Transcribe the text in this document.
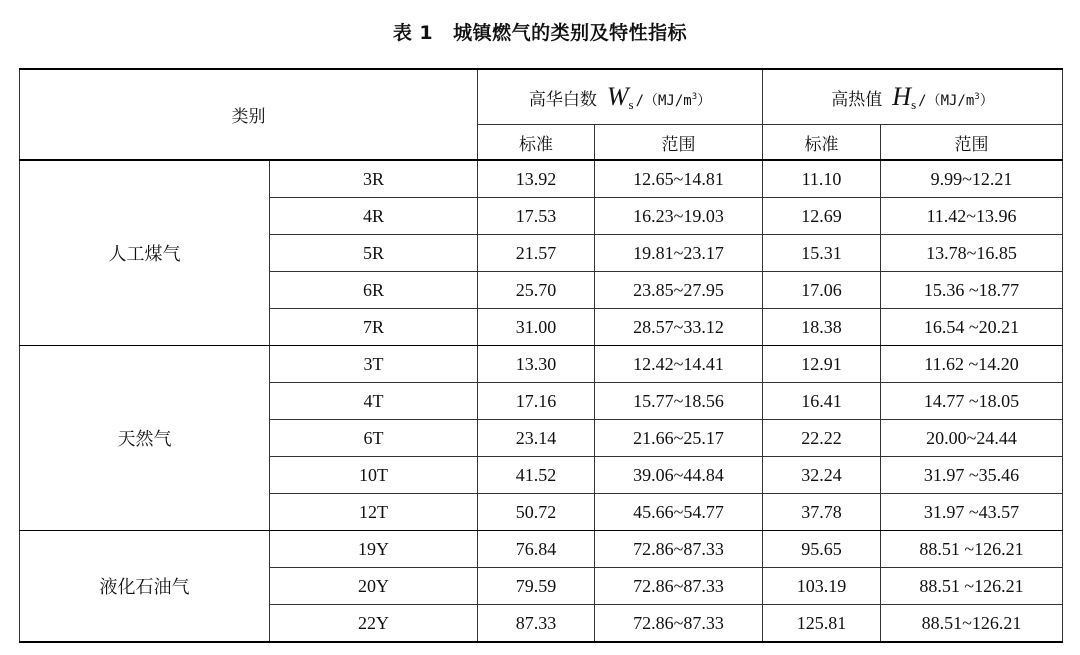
表 1 城镇燃气的类别及特性指标
类别		高华白数 $W_s$ $/(MJ/m^3)$		高热值 $H_s$ $/(MJ/m^3)$	
		标准	范围	标准	范围
人工煤气	3R	13.92	12.65~14.81	11.10	9.99~12.21
	4R	17.53	16.23~19.03	12.69	11.42~13.96
	5R	21.57	19.81~23.17	15.31	13.78~16.85
	6R	25.70	23.85~27.95	17.06	15.36 ~18.77
	7R	31.00	28.57~33.12	18.38	16.54 ~20.21
天然气	3T	13.30	12.42~14.41	12.91	11.62 ~14.20
	4T	17.16	15.77~18.56	16.41	14.77 ~18.05
	6T	23.14	21.66~25.17	22.22	20.00~24.44
	10T	41.52	39.06~44.84	32.24	31.97 ~35.46
	12T	50.72	45.66~54.77	37.78	31.97 ~43.57
液化石油气	19Y	76.84	72.86~87.33	95.65	88.51 ~126.21
	20Y	79.59	72.86~87.33	103.19	88.51 ~126.21
	22Y	87.33	72.86~87.33	125.81	88.51~126.21
